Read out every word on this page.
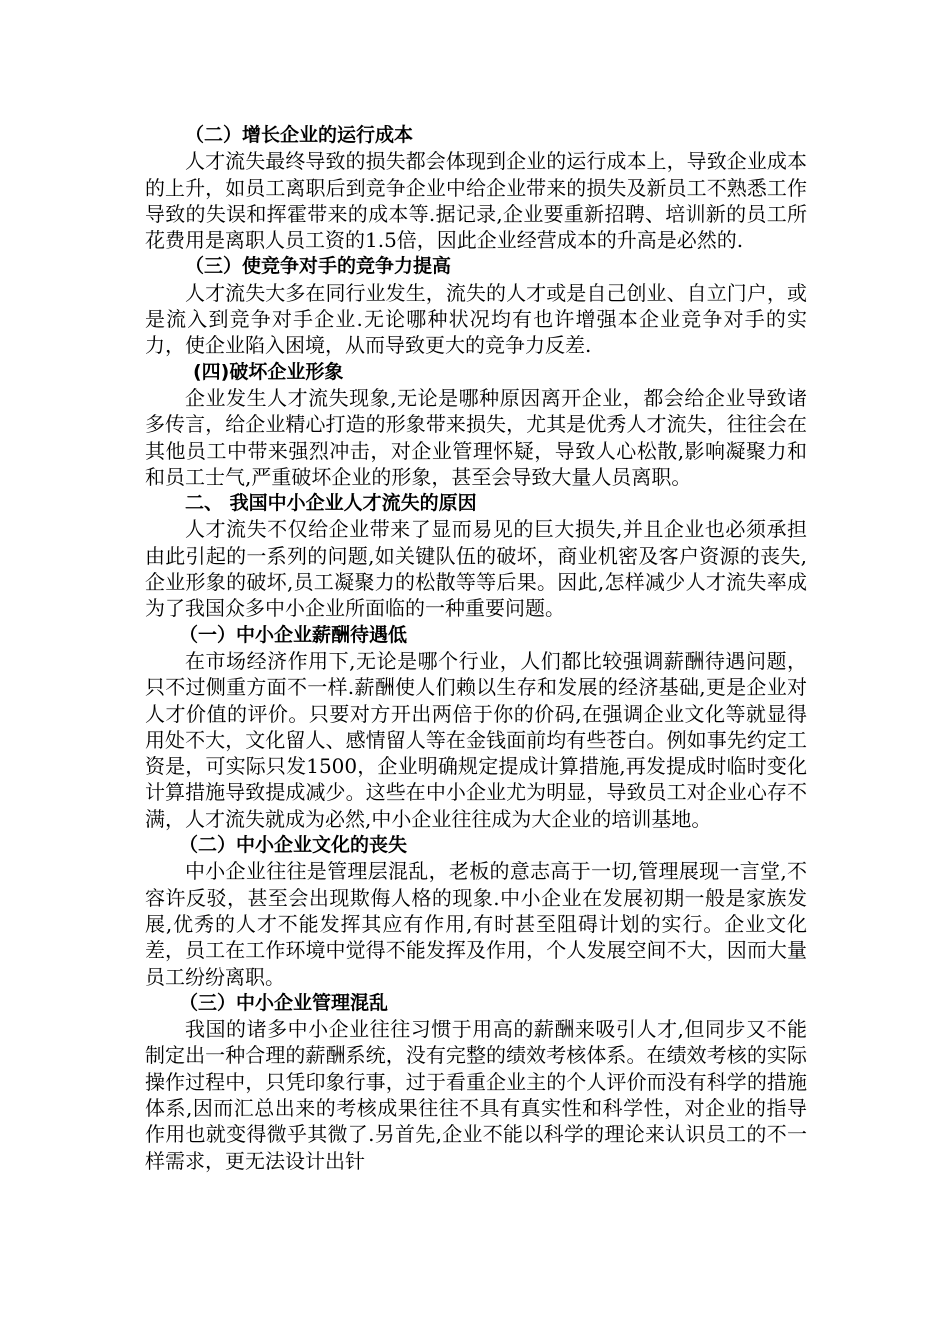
（二）增长企业的运行成本

人才流失最终导致的损失都会体现到企业的运行成本上，导致企业成本的上升，如员工离职后到竞争企业中给企业带来的损失及新员工不熟悉工作导致的失误和挥霍带来的成本等.据记录,企业要重新招聘、培训新的员工所花费用是离职人员工资的1.5倍，因此企业经营成本的升高是必然的.

（三）使竞争对手的竞争力提高

人才流失大多在同行业发生，流失的人才或是自己创业、自立门户，或是流入到竞争对手企业.无论哪种状况均有也许增强本企业竞争对手的实力，使企业陷入困境，从而导致更大的竞争力反差.

(四)破坏企业形象

企业发生人才流失现象,无论是哪种原因离开企业，都会给企业导致诸多传言，给企业精心打造的形象带来损失，尤其是优秀人才流失，往往会在其他员工中带来强烈冲击，对企业管理怀疑，导致人心松散,影响凝聚力和和员工士气,严重破坏企业的形象，甚至会导致大量人员离职。

二、 我国中小企业人才流失的原因

人才流失不仅给企业带来了显而易见的巨大损失,并且企业也必须承担由此引起的一系列的问题,如关键队伍的破坏，商业机密及客户资源的丧失,企业形象的破坏,员工凝聚力的松散等等后果。因此,怎样减少人才流失率成为了我国众多中小企业所面临的一种重要问题。

（一）中小企业薪酬待遇低

在市场经济作用下,无论是哪个行业，人们都比较强调薪酬待遇问题，只不过侧重方面不一样.薪酬使人们赖以生存和发展的经济基础,更是企业对人才价值的评价。只要对方开出两倍于你的价码,在强调企业文化等就显得用处不大，文化留人、感情留人等在金钱面前均有些苍白。例如事先约定工资是，可实际只发1500，企业明确规定提成计算措施,再发提成时临时变化计算措施导致提成减少。这些在中小企业尤为明显，导致员工对企业心存不满，人才流失就成为必然,中小企业往往成为大企业的培训基地。

（二）中小企业文化的丧失

中小企业往往是管理层混乱，老板的意志高于一切,管理展现一言堂,不容许反驳，甚至会出现欺侮人格的现象.中小企业在发展初期一般是家族发展,优秀的人才不能发挥其应有作用,有时甚至阻碍计划的实行。企业文化差，员工在工作环境中觉得不能发挥及作用，个人发展空间不大，因而大量员工纷纷离职。

（三）中小企业管理混乱

我国的诸多中小企业往往习惯于用高的薪酬来吸引人才,但同步又不能制定出一种合理的薪酬系统，没有完整的绩效考核体系。在绩效考核的实际操作过程中，只凭印象行事，过于看重企业主的个人评价而没有科学的措施体系,因而汇总出来的考核成果往往不具有真实性和科学性，对企业的指导作用也就变得微乎其微了.另首先,企业不能以科学的理论来认识员工的不一样需求，更无法设计出针
